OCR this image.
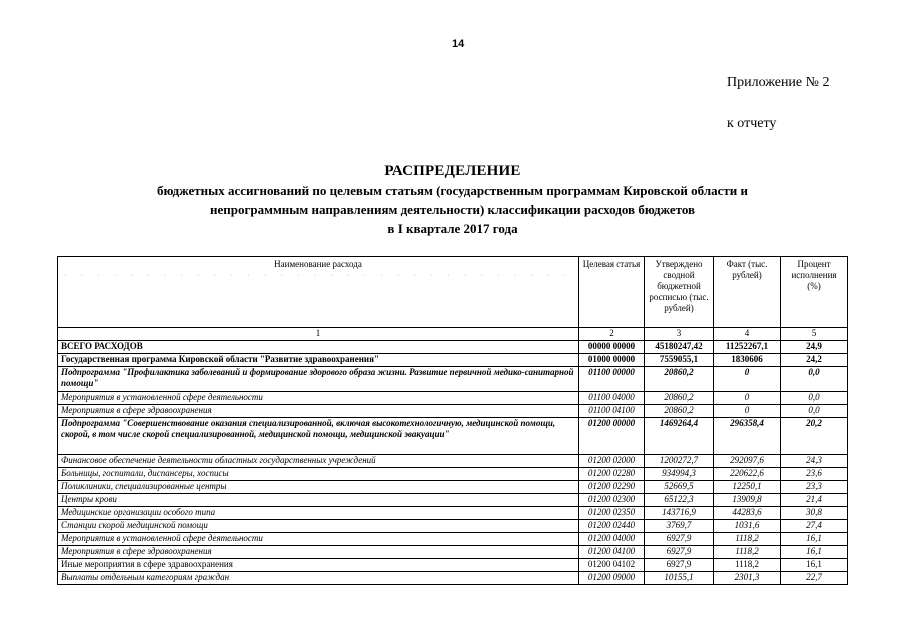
14
Приложение № 2
к отчету
РАСПРЕДЕЛЕНИЕ
бюджетных ассигнований по целевым статьям (государственным программам Кировской области и
непрограммным направлениям деятельности) классификации расходов бюджетов
в I квартале 2017 года
Наименование расхода
· · · · · · · · · · · · · · · · · · · · · · · · · · · · · · ·	Целевая статья	Утверждено сводной бюджетной росписью (тыс. рублей)	Факт (тыс. рублей)	Процент исполнения (%)
1	2	3	4	5
ВСЕГО РАСХОДОВ	00000 00000	45180247,42	11252267,1	24,9
Государственная программа Кировской области "Развитие здравоохранения"	01000 00000	7559055,1	1830606	24,2
Подпрограмма "Профилактика заболеваний и формирование здорового образа жизни. Развитие первичной медико-санитарной помощи"	01100 00000	20860,2	0	0,0
Мероприятия в установленной сфере деятельности	01100 04000	20860,2	0	0,0
Мероприятия в сфере здравоохранения	01100 04100	20860,2	0	0,0
Подпрограмма "Совершенствование оказания специализированной, включая высокотехнологичную, медицинской помощи, скорой, в том числе скорой специализированной, медицинской помощи, медицинской эвакуации"	01200 00000	1469264,4	296358,4	20,2
Финансовое обеспечение деятельности областных государственных учреждений	01200 02000	1200272,7	292097,6	24,3
Больницы, госпитали, диспансеры, хосписы	01200 02280	934994,3	220622,6	23,6
Поликлиники, специализированные центры	01200 02290	52669,5	12250,1	23,3
Центры крови	01200 02300	65122,3	13909,8	21,4
Медицинские организации особого типа	01200 02350	143716,9	44283,6	30,8
Станции скорой медицинской помощи	01200 02440	3769,7	1031,6	27,4
Мероприятия в установленной сфере деятельности	01200 04000	6927,9	1118,2	16,1
Мероприятия в сфере здравоохранения	01200 04100	6927,9	1118,2	16,1
Иные мероприятия в сфере здравоохранения	01200 04102	6927,9	1118,2	16,1
Выплаты отдельным категориям граждан	01200 09000	10155,1	2301,3	22,7
